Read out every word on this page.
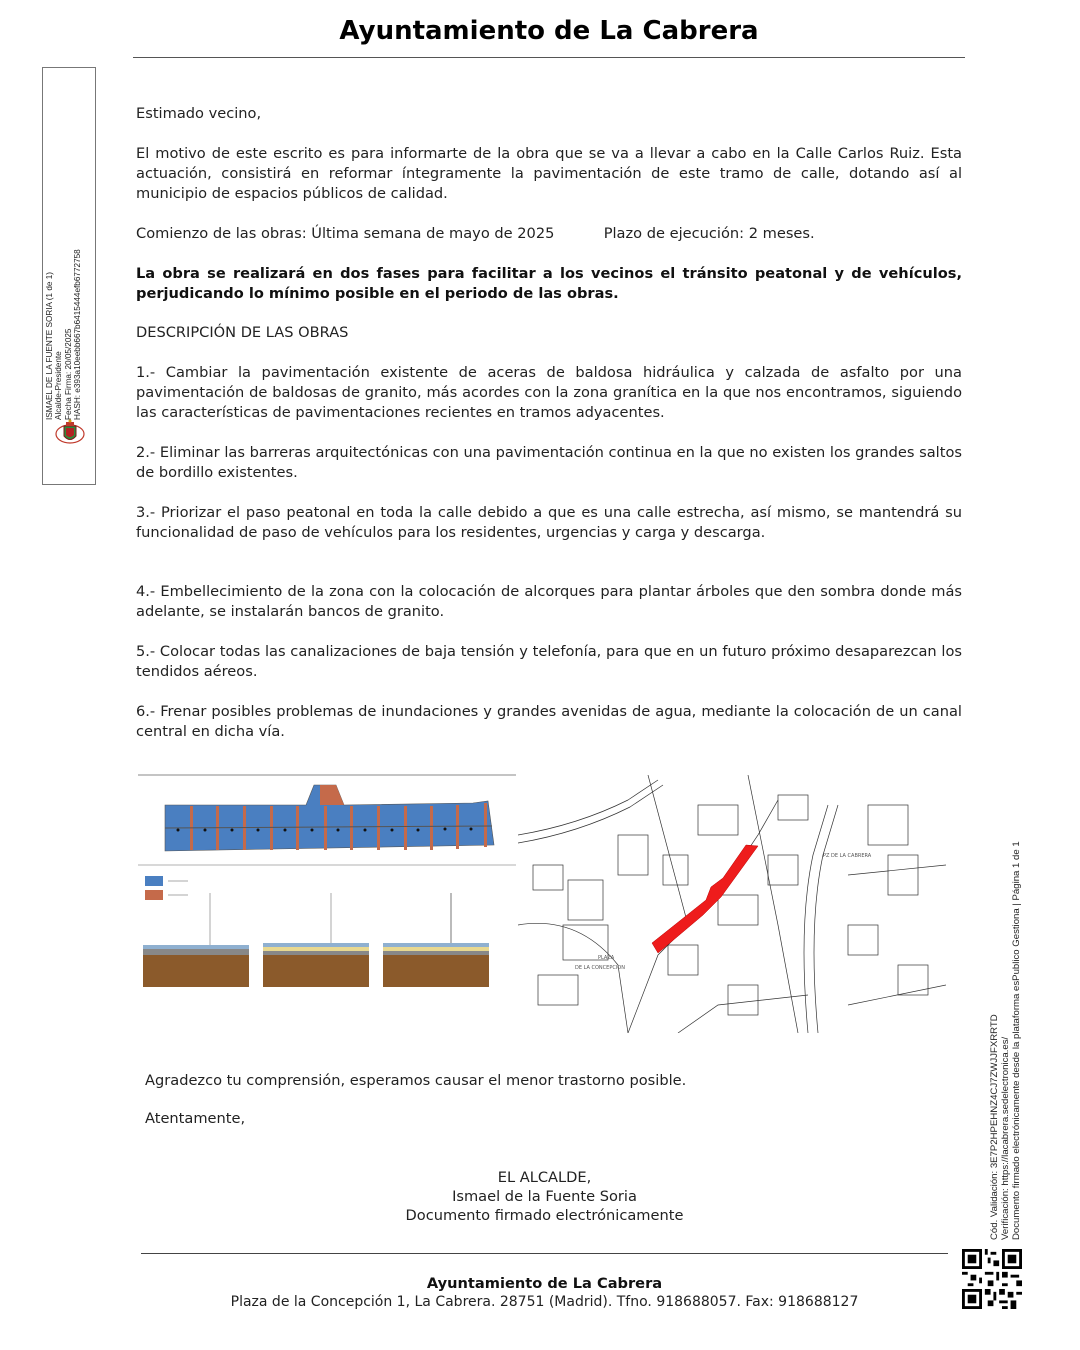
Ayuntamiento de La Cabrera
ISMAEL DE LA FUENTE SORIA (1 de 1) Alcalde-Presidente Fecha Firma: 20/05/2025 HASH: e393a10eebb667b6415444efb6772758
Estimado vecino,
El motivo de este escrito es para informarte de la obra que se va a llevar a cabo en la Calle Carlos Ruiz. Esta actuación, consistirá en reformar íntegramente la pavimentación de este tramo de calle, dotando así al municipio de espacios públicos de calidad.
Comienzo de las obras: Última semana de mayo de 2025	Plazo de ejecución: 2 meses.
La obra se realizará en dos fases para facilitar a los vecinos el tránsito peatonal y de vehículos, perjudicando lo mínimo posible en el periodo de las obras.
DESCRIPCIÓN DE LAS OBRAS
1.- Cambiar la pavimentación existente de aceras de baldosa hidráulica y calzada de asfalto por una pavimentación de baldosas de granito, más acordes con la zona granítica en la que nos encontramos, siguiendo las características de pavimentaciones recientes en tramos adyacentes.
2.- Eliminar las barreras arquitectónicas con una pavimentación continua en la que no existen los grandes saltos de bordillo existentes.
3.- Priorizar el paso peatonal en toda la calle debido a que es una calle estrecha, así mismo, se mantendrá su funcionalidad de paso de vehículos para los residentes, urgencias y carga y descarga.
4.- Embellecimiento de la zona con la colocación de alcorques para plantar árboles que den sombra donde más adelante, se instalarán bancos de granito.
5.- Colocar todas las canalizaciones de baja tensión y telefonía, para que en un futuro próximo desaparezcan los tendidos aéreos.
6.- Frenar posibles problemas de inundaciones y grandes avenidas de agua, mediante la colocación de un canal central en dicha vía.
PLAZA
DE LA CONCEPCION
PZ DE LA CABRERA
Agradezco tu comprensión, esperamos causar el menor trastorno posible.
Atentamente,
EL ALCALDE,
Ismael de la Fuente Soria
Documento firmado electrónicamente	Cód. Validación: 3E7P2HPEHNZ4CJ7ZWJJFXRRTD Verificación: https://lacabrera.sedelectronica.es/ Documento firmado electrónicamente desde la plataforma esPublico Gestiona | Página 1 de 1
Ayuntamiento de La Cabrera
Plaza de la Concepción 1, La Cabrera. 28751 (Madrid). Tfno. 918688057. Fax: 918688127
